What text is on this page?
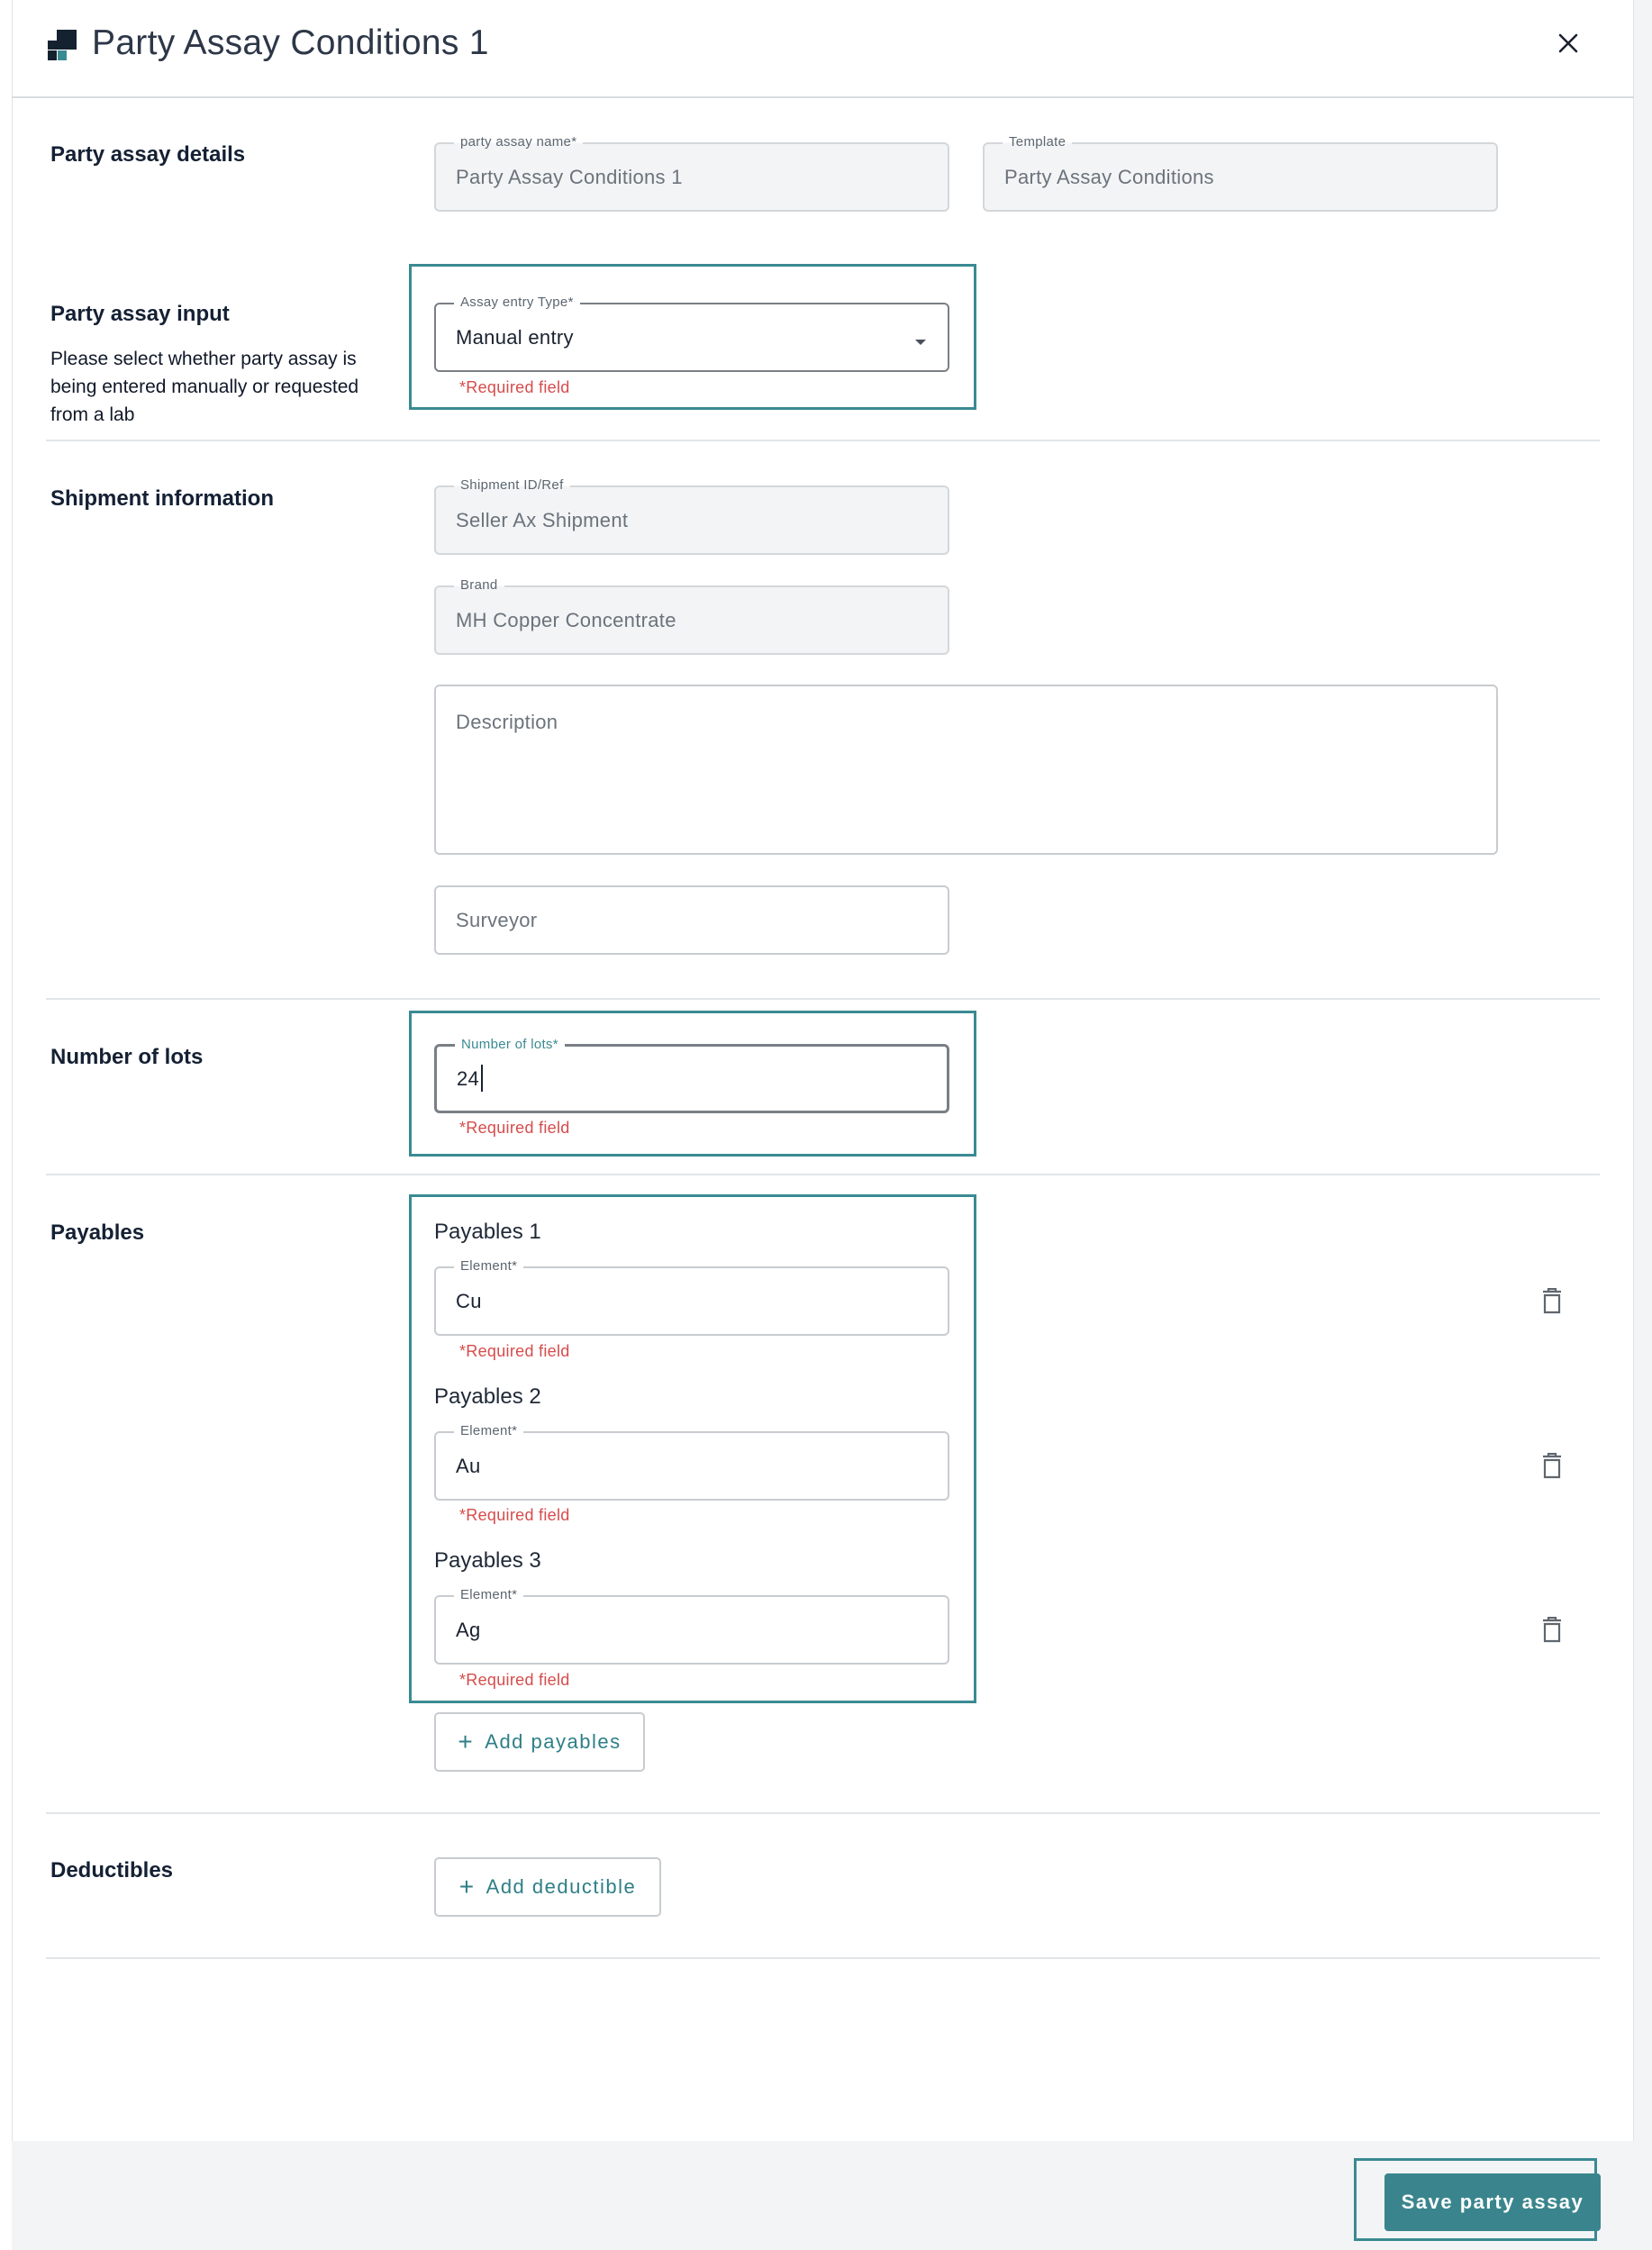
Party Assay Conditions 1
Party assay details
party assay name*
Party Assay Conditions 1
Template
Party Assay Conditions
Party assay input
Please select whether party assay is being entered manually or requested from a lab
Assay entry Type*
Manual entry
*Required field
Shipment information
Shipment ID/Ref
Seller Ax Shipment
Brand
MH Copper Concentrate
Description
Surveyor
Number of lots
Number of lots*
24
*Required field
Payables	Payables 1
Element*
Cu
*Required field
Payables 2
Element*
Au
*Required field
Payables 3
Element*
Ag
*Required field
+ Add payables
Deductibles
+ Add deductible
Save party assay
